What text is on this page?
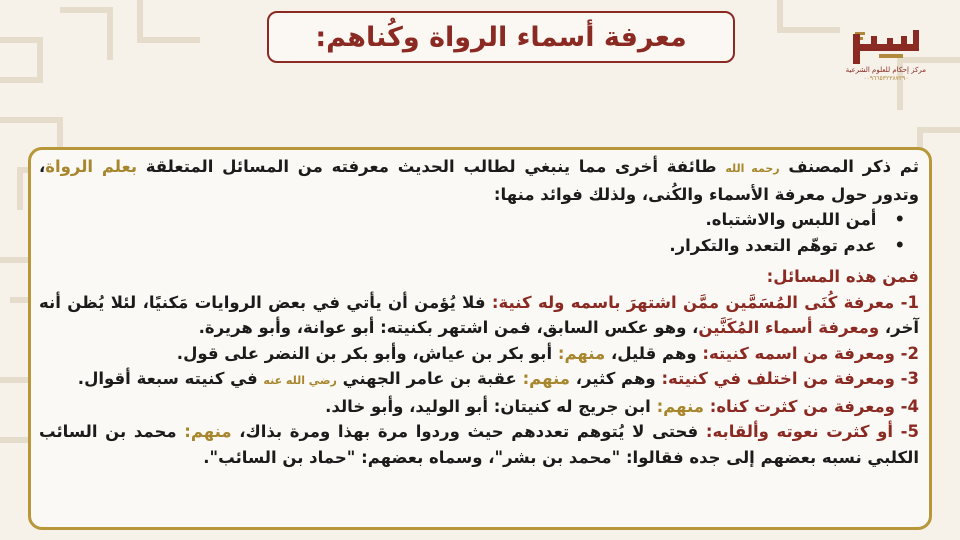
معرفة أسماء الرواة وكُناهم:
مركز إحكام للعلوم الشرعية
٠٠٩٦٦٥٣٢٣٨٧٢٩٠

ثم ذكر المصنف رحمه الله طائفة أخرى مما ينبغي لطالب الحديث معرفته من المسائل المتعلقة بعلم الرواة، وتدور حول معرفة الأسماء والكُنى، ولذلك فوائد منها:

• أمن اللبس والاشتباه.

• عدم توهّم التعدد والتكرار.

فمن هذه المسائل:

1- معرفة كُنَى المُسَمَّين ممَّن اشتهرَ باسمه وله كنية: فلا يُؤمن أن يأتي في بعض الروايات مَكنيًا، لئلا يُظن أنه آخر، ومعرفة أسماء المُكَنَّين، وهو عكس السابق، فمن اشتهر بكنيته: أبو عوانة، وأبو هريرة.

2- ومعرفة من اسمه كنيته: وهم قليل، منهم: أبو بكر بن عياش، وأبو بكر بن النضر على قول.

3- ومعرفة من اختلف في كنيته: وهم كثير، منهم: عقبة بن عامر الجهني رضي الله عنه في كنيته سبعة أقوال.

4- ومعرفة من كثرت كناه: منهم: ابن جريج له كنيتان: أبو الوليد، وأبو خالد.

5- أو كثرت نعوته وألقابه: فحتى لا يُتوهم تعددهم حيث وردوا مرة بهذا ومرة بذاك، منهم: محمد بن السائب الكلبي نسبه بعضهم إلى جده فقالوا: "محمد بن بشر"، وسماه بعضهم: "حماد بن السائب".
